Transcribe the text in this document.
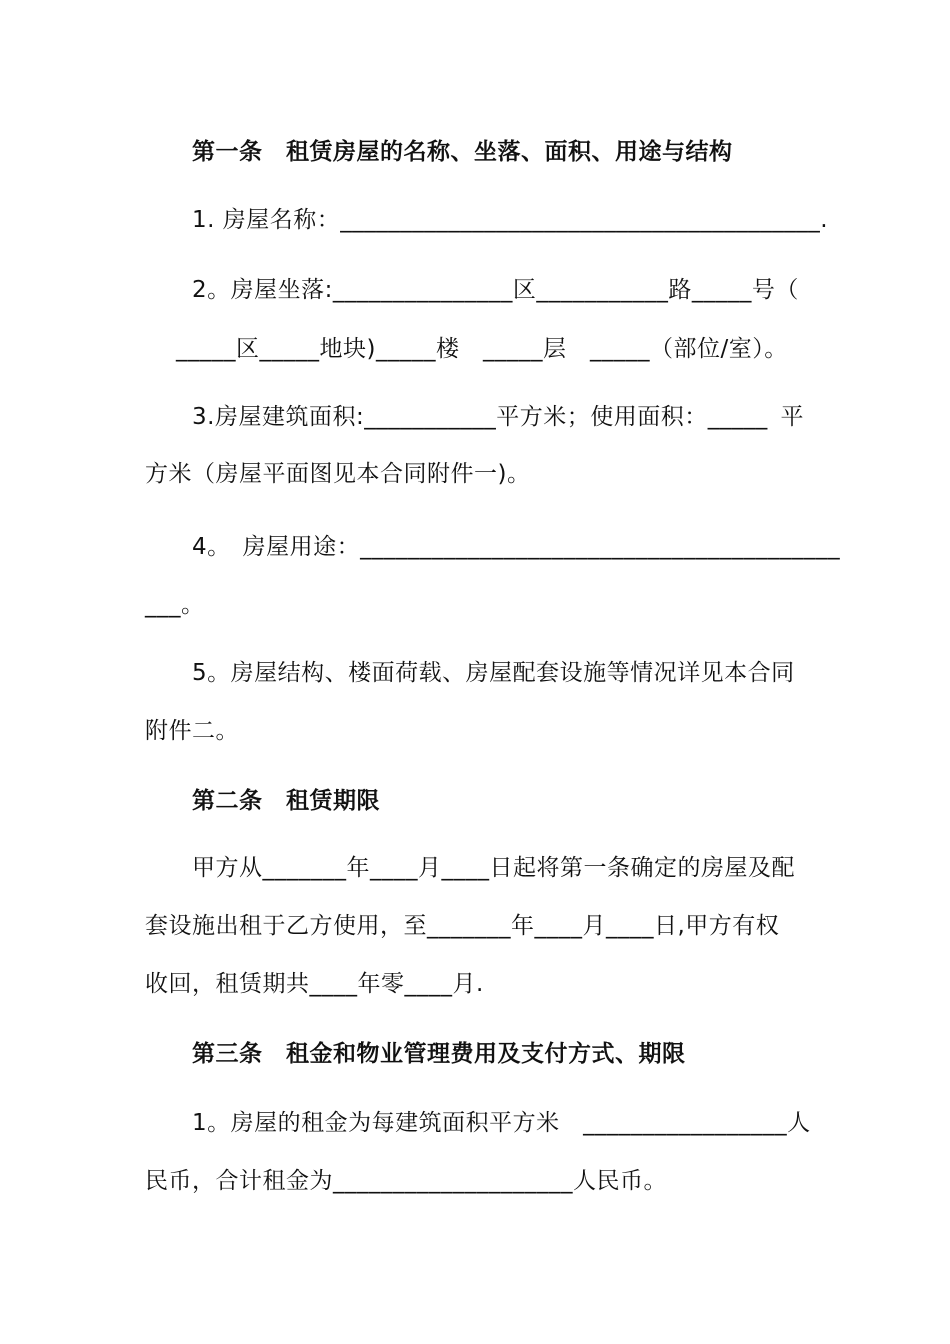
第一条　租赁房屋的名称、坐落、面积、用途与结构
1. 房屋名称：________________________________________.
2。房屋坐落:_______________区___________路_____号（
_____区_____地块)_____楼　_____层　_____（部位/室）。
3.房屋建筑面积:___________平方米；使用面积：_____ 平
方米（房屋平面图见本合同附件一)。
4。　房屋用途：________________________________________
___。
5。房屋结构、楼面荷载、房屋配套设施等情况详见本合同
附件二。
第二条　租赁期限
甲方从_______年____月____日起将第一条确定的房屋及配
套设施出租于乙方使用，至_______年____月____日,甲方有权
收回，租赁期共____年零____月.
第三条　租金和物业管理费用及支付方式、期限
1。房屋的租金为每建筑面积平方米　_________________ 人
民币，合计租金为____________________人民币。
